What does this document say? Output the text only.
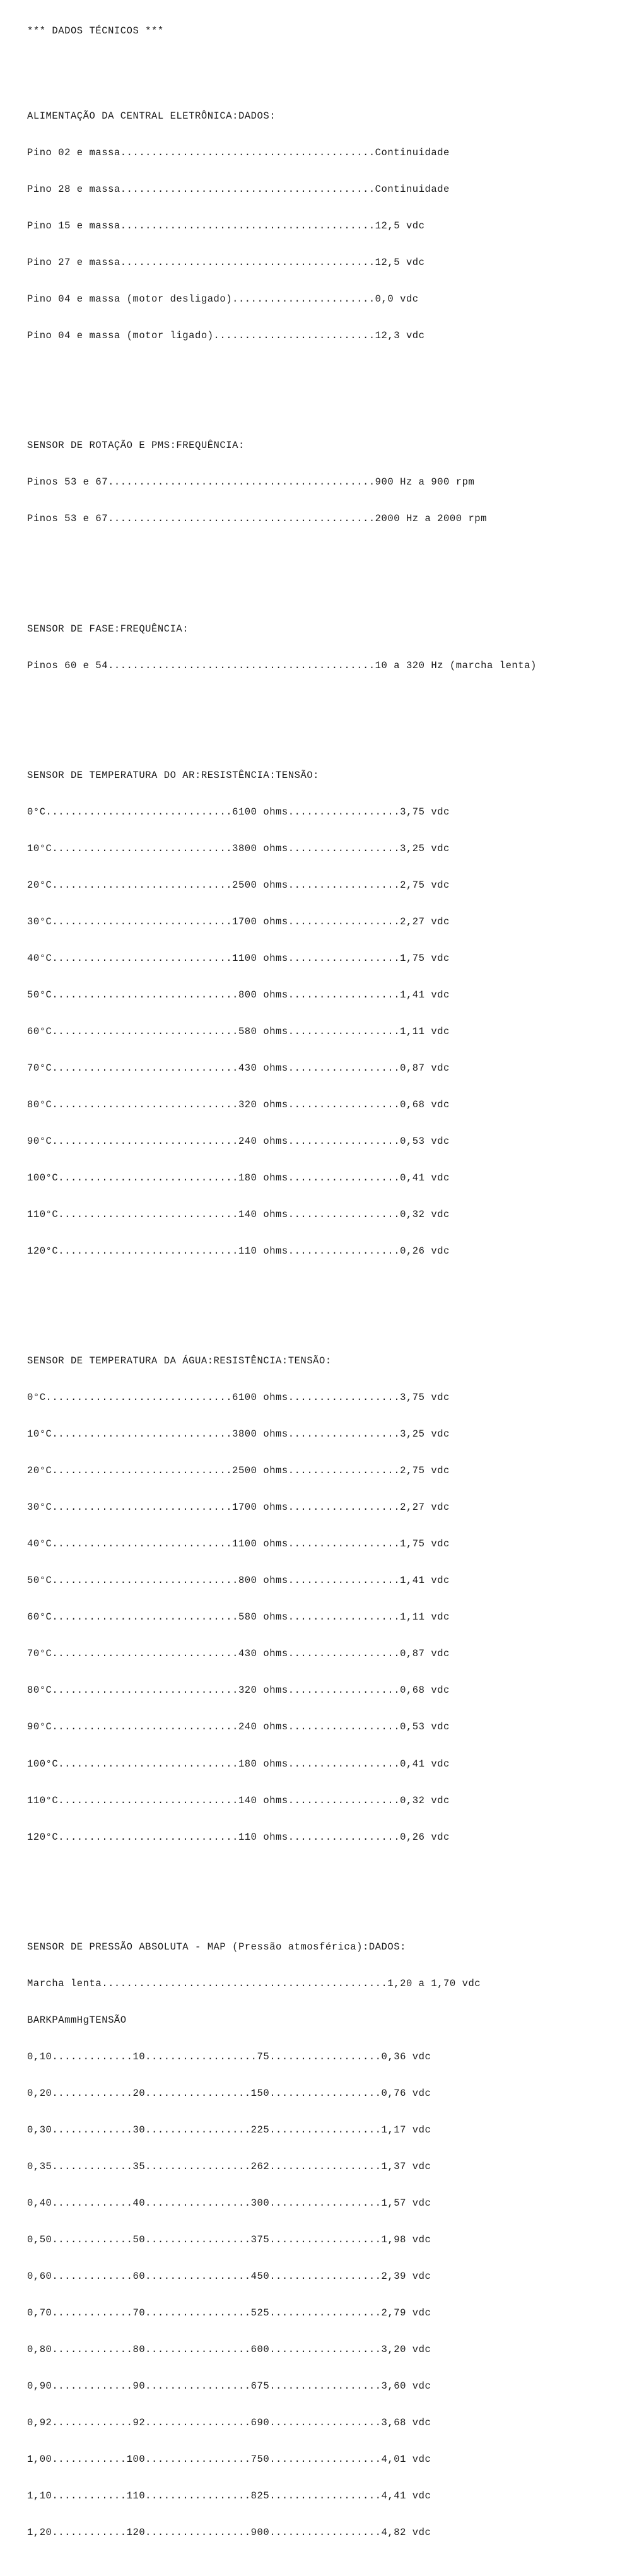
*** DADOS TÉCNICOS ***

ALIMENTAÇÃO DA CENTRAL ELETRÔNICA:DADOS:

Pino 02 e massa.........................................Continuidade

Pino 28 e massa.........................................Continuidade

Pino 15 e massa.........................................12,5 vdc

Pino 27 e massa.........................................12,5 vdc

Pino 04 e massa (motor desligado).......................0,0 vdc

Pino 04 e massa (motor ligado)..........................12,3 vdc

SENSOR DE ROTAÇÃO E PMS:FREQUÊNCIA:

Pinos 53 e 67...........................................900 Hz a 900 rpm

Pinos 53 e 67...........................................2000 Hz a 2000 rpm

SENSOR DE FASE:FREQUÊNCIA:

Pinos 60 e 54...........................................10 a 320 Hz (marcha lenta)

SENSOR DE TEMPERATURA DO AR:RESISTÊNCIA:TENSÃO:

0°C..............................6100 ohms..................3,75 vdc

10°C.............................3800 ohms..................3,25 vdc

20°C.............................2500 ohms..................2,75 vdc

30°C.............................1700 ohms..................2,27 vdc

40°C.............................1100 ohms..................1,75 vdc

50°C..............................800 ohms..................1,41 vdc

60°C..............................580 ohms..................1,11 vdc

70°C..............................430 ohms..................0,87 vdc

80°C..............................320 ohms..................0,68 vdc

90°C..............................240 ohms..................0,53 vdc

100°C.............................180 ohms..................0,41 vdc

110°C.............................140 ohms..................0,32 vdc

120°C.............................110 ohms..................0,26 vdc

SENSOR DE TEMPERATURA DA ÁGUA:RESISTÊNCIA:TENSÃO:

0°C..............................6100 ohms..................3,75 vdc

10°C.............................3800 ohms..................3,25 vdc

20°C.............................2500 ohms..................2,75 vdc

30°C.............................1700 ohms..................2,27 vdc

40°C.............................1100 ohms..................1,75 vdc

50°C..............................800 ohms..................1,41 vdc

60°C..............................580 ohms..................1,11 vdc

70°C..............................430 ohms..................0,87 vdc

80°C..............................320 ohms..................0,68 vdc

90°C..............................240 ohms..................0,53 vdc

100°C.............................180 ohms..................0,41 vdc

110°C.............................140 ohms..................0,32 vdc

120°C.............................110 ohms..................0,26 vdc

SENSOR DE PRESSÃO ABSOLUTA - MAP (Pressão atmosférica):DADOS:

Marcha lenta..............................................1,20 a 1,70 vdc

BARKPAmmHgTENSÃO

0,10.............10..................75..................0,36 vdc

0,20.............20.................150..................0,76 vdc

0,30.............30.................225..................1,17 vdc

0,35.............35.................262..................1,37 vdc

0,40.............40.................300..................1,57 vdc

0,50.............50.................375..................1,98 vdc

0,60.............60.................450..................2,39 vdc

0,70.............70.................525..................2,79 vdc

0,80.............80.................600..................3,20 vdc

0,90.............90.................675..................3,60 vdc

0,92.............92.................690..................3,68 vdc

1,00............100.................750..................4,01 vdc

1,10............110.................825..................4,41 vdc

1,20............120.................900..................4,82 vdc
